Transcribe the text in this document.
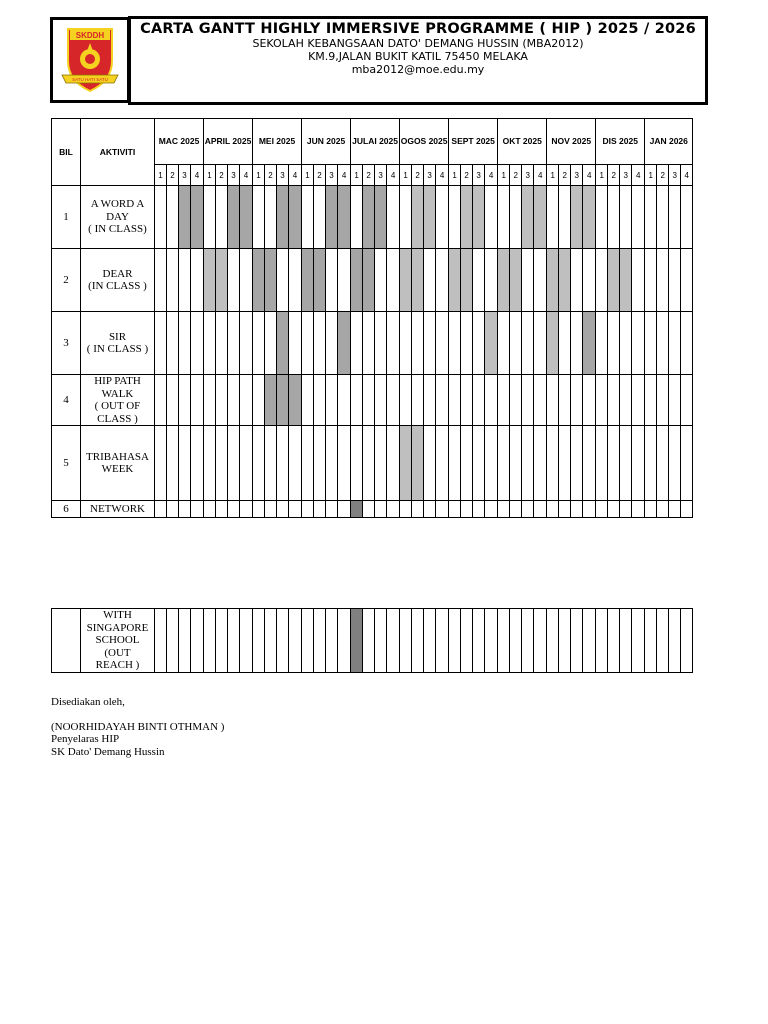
SKDDH
SATU HATI SATU
CARTA GANTT HIGHLY IMMERSIVE PROGRAMME ( HIP ) 2025 / 2026
SEKOLAH KEBANGSAAN DATO' DEMANG HUSSIN (MBA2012)
KM.9,JALAN BUKIT KATIL 75450 MELAKA
mba2012@moe.edu.my
BIL	AKTIVITI	MAC 2025				APRIL 2025				MEI 2025				JUN 2025				JULAI 2025				OGOS 2025				SEPT 2025				OKT 2025				NOV 2025				DIS 2025				JAN 2026			
		1	2	3	4	1	2	3	4	1	2	3	4	1	2	3	4	1	2	3	4	1	2	3	4	1	2	3	4	1	2	3	4	1	2	3	4	1	2	3	4	1	2	3	4
1	A WORD A
DAY
( IN CLASS)																																												
2	DEAR
(IN CLASS )																																												
3	SIR
( IN CLASS )																																												
4	HIP PATH
WALK
( OUT OF
CLASS )																																												
5	TRIBAHASA
WEEK																																												
6	NETWORK																																												
	WITH
SINGAPORE
SCHOOL
(OUT
REACH )																																												

Disediakan oleh,

(NOORHIDAYAH BINTI OTHMAN )

Penyelaras HIP

SK Dato' Demang Hussin
